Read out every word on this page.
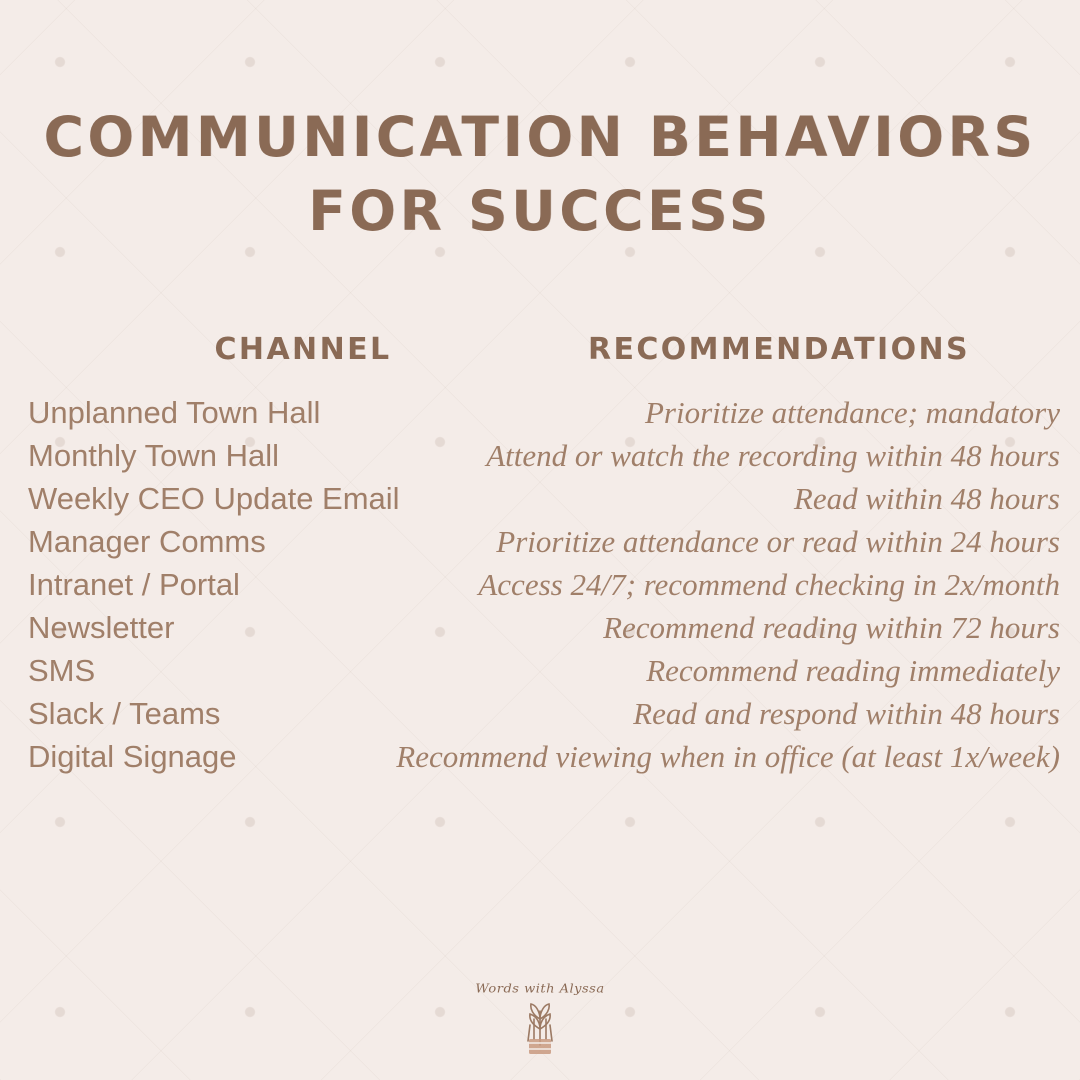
COMMUNICATION BEHAVIORS
FOR SUCCESS
CHANNEL	RECOMMENDATIONS
Unplanned Town Hall	Prioritize attendance; mandatory
Monthly Town Hall	Attend or watch the recording within 48 hours
Weekly CEO Update Email	Read within 48 hours
Manager Comms	Prioritize attendance or read within 24 hours
Intranet / Portal	Access 24/7; recommend checking in 2x/month
Newsletter	Recommend reading within 72 hours
SMS	Recommend reading immediately
Slack / Teams	Read and respond within 48 hours
Digital Signage	Recommend viewing when in office (at least 1x/week)
Words with Alyssa
